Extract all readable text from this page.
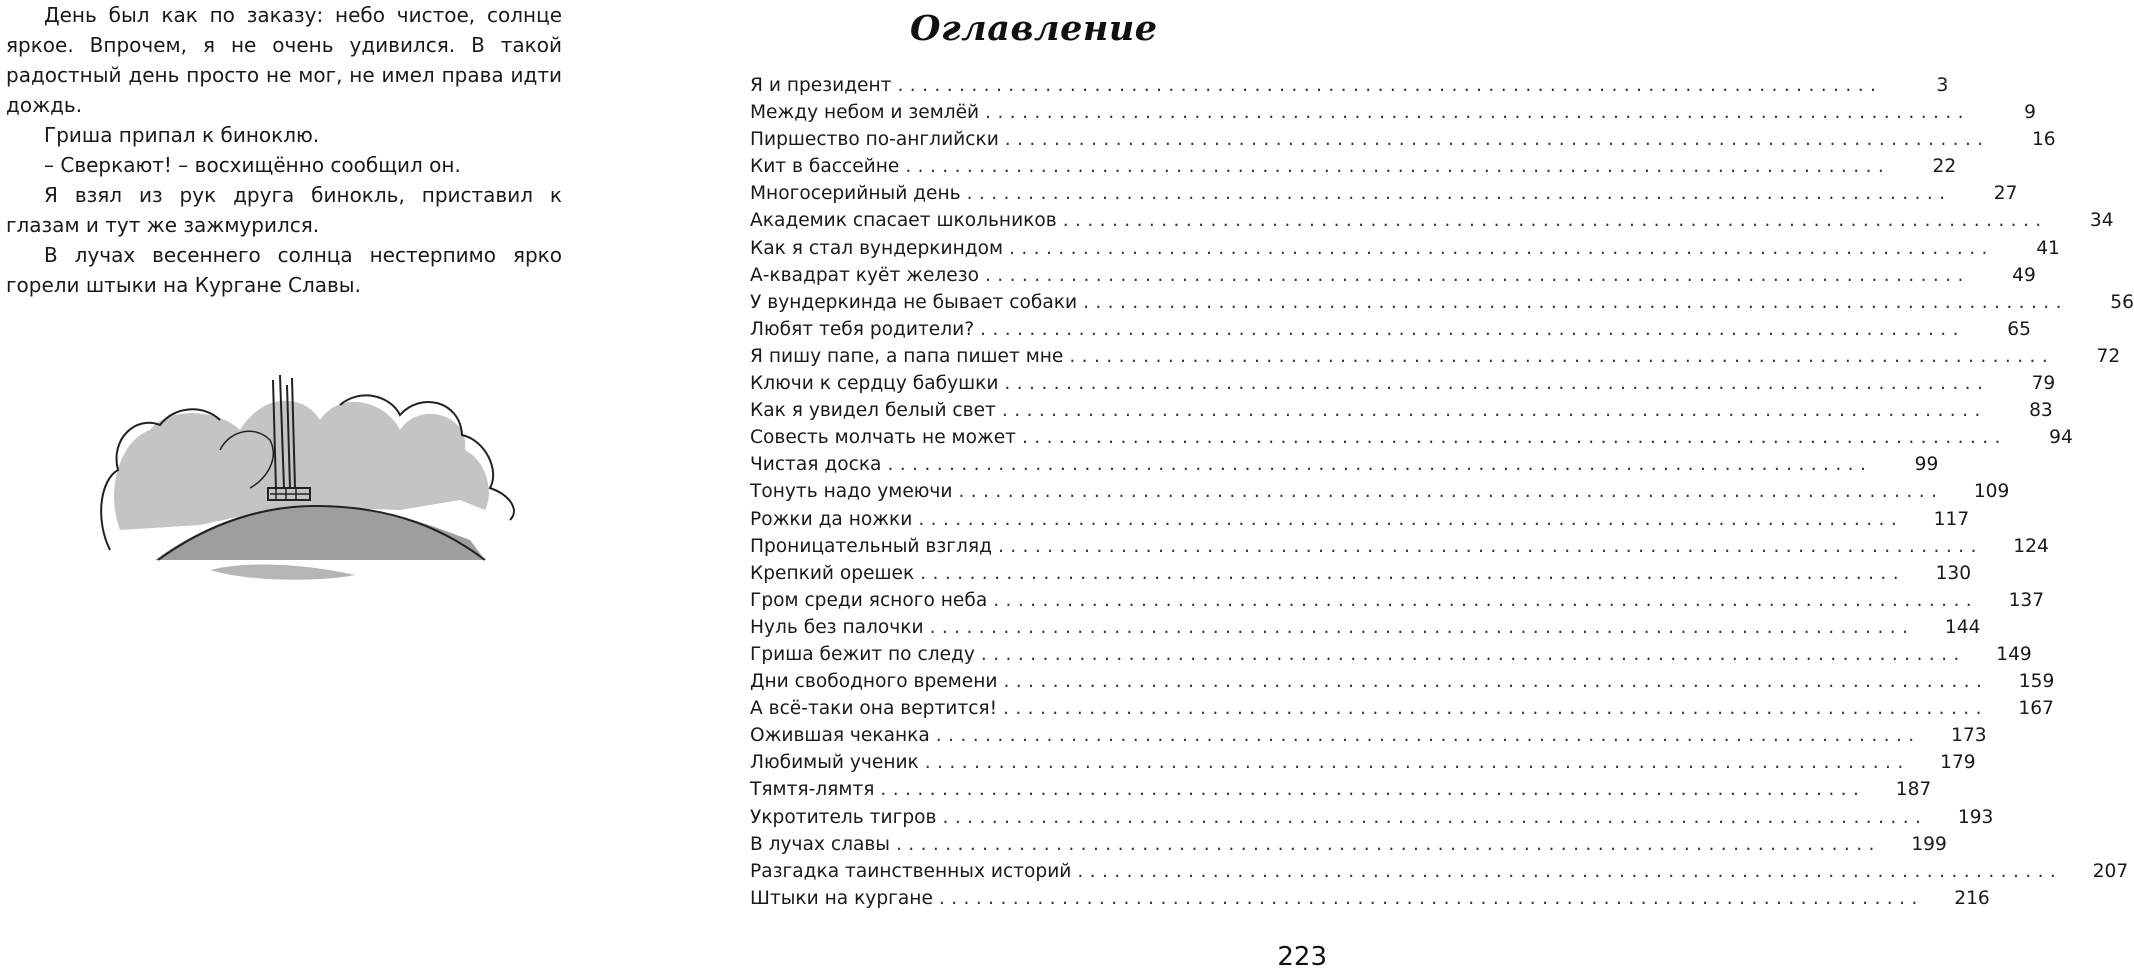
День был как по заказу: небо чистое, солнце яркое. Впрочем, я не очень удивился. В такой радостный день просто не мог, не имел права идти дождь.

Гриша припал к биноклю.

– Сверкают! – восхищённо сообщил он.

Я взял из рук друга бинокль, приставил к глазам и тут же зажмурился.

В лучах весеннего солнца нестерпимо ярко горели штыки на Кургане Славы.

Оглавление
Я и президент ................................................................................	3
Между небом и землёй ................................................................................	9
Пиршество по-английски ................................................................................	16
Кит в бассейне ................................................................................	22
Многосерийный день ................................................................................	27
Академик спасает школьников ................................................................................	34
Как я стал вундеркиндом ................................................................................	41
А-квадрат куёт железо ................................................................................	49
У вундеркинда не бывает собаки ................................................................................	56
Любят тебя родители? ................................................................................	65
Я пишу папе, а папа пишет мне ................................................................................	72
Ключи к сердцу бабушки ................................................................................	79
Как я увидел белый свет ................................................................................	83
Совесть молчать не может ................................................................................	94
Чистая доска ................................................................................	99
Тонуть надо умеючи ................................................................................ 109
Рожки да ножки ................................................................................ 117
Проницательный взгляд ................................................................................ 124
Крепкий орешек ................................................................................ 130
Гром среди ясного неба ................................................................................ 137
Нуль без палочки ................................................................................ 144
Гриша бежит по следу ................................................................................ 149
Дни свободного времени ................................................................................ 159
А всё-таки она вертится! ................................................................................ 167
Ожившая чеканка ................................................................................ 173
Любимый ученик ................................................................................ 179
Тямтя-лямтя ................................................................................ 187
Укротитель тигров ................................................................................ 193
В лучах славы ................................................................................ 199
Разгадка таинственных историй ................................................................................ 207
Штыки на кургане ................................................................................ 216
223
